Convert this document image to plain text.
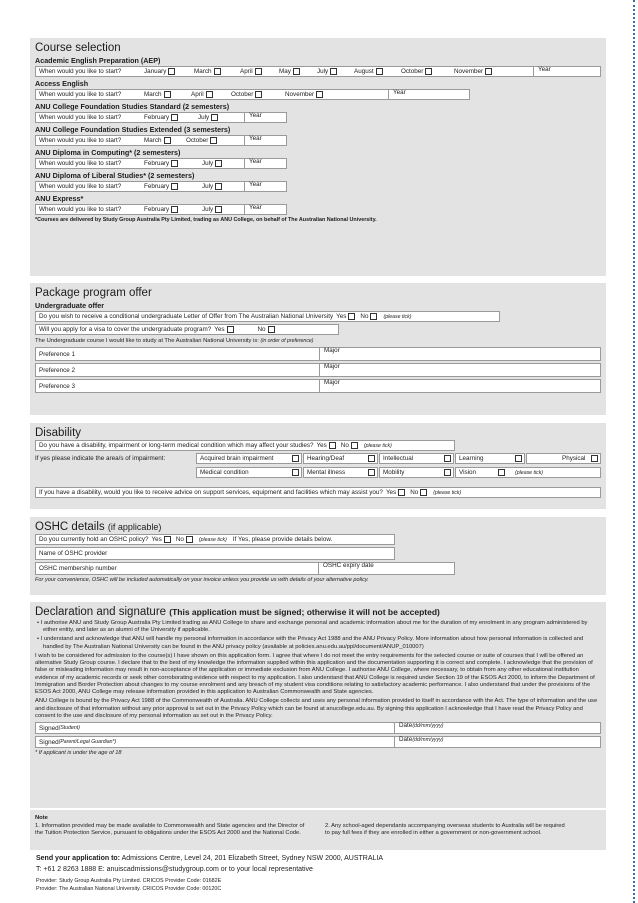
Course selection
Academic English Preparation (AEP)
When would you like to start?	January	March	April	May	July	August	October	November	Year
Access English
When would you like to start?	March	April	October	November	Year
ANU College Foundation Studies Standard (2 semesters)
When would you like to start?	February	July	Year
ANU College Foundation Studies Extended (3 semesters)
When would you like to start?	March	October	Year
ANU Diploma in Computing* (2 semesters)
When would you like to start?	February	July	Year
ANU Diploma of Liberal Studies* (2 semesters)
When would you like to start?	February	July	Year
ANU Express*
When would you like to start?	February	July	Year
*Courses are delivered by Study Group Australia Pty Limited, trading as ANU College, on behalf of The Australian National University.
Package program offer
Undergraduate offer
Do you wish to receive a conditional undergraduate Letter of Offer from The Australian National University Yes No	(please tick)
Will you apply for a visa to cover the undergraduate program? Yes	No
The Undergraduate course I would like to study at The Australian National University is: (in order of preference)
Preference 1	Major
Preference 2	Major
Preference 3	Major
Disability
Do you have a disability, impairment or long-term medical condition which may affect your studies? Yes No	(please tick)
If yes please indicate the area/s of impairment:	Acquired brain impairment	Hearing/Deaf	Intellectual	Learning	Physical
Medical condition	Mental illness	Mobility	Vision	(please tick)
If you have a disability, would you like to receive advice on support services, equipment and facilities which may assist you? Yes No	(please tick)
OSHC details (if applicable)
Do you currently hold an OSHC policy? Yes No	(please tick) If Yes, please provide details below.
Name of OSHC provider
OSHC membership number	OSHC expiry date
For your convenience, OSHC will be included automatically on your invoice unless you provide us with details of your alternative policy.
Declaration and signature (This application must be signed; otherwise it will not be accepted)
• I authorise ANU and Study Group Australia Pty Limited trading as ANU College to share and exchange personal and academic information about me for the duration of my enrolment in any program administered by either entity, and later as an alumni of the University if applicable.
• I understand and acknowledge that ANU will handle my personal information in accordance with the Privacy Act 1988 and the ANU Privacy Policy. More information about how personal information is collected and handled by The Australian National University can be found in the ANU privacy policy (available at policies.anu.edu.au/ppl/document/ANUP_010007)
I wish to be considered for admission to the course(s) I have shown on this application form. I agree that where I do not meet the entry requirements for the selected course or suite of courses that I will be offered an alternative Study Group course. I declare that to the best of my knowledge the information supplied within this application and the documentation supporting it is correct and complete. I acknowledge that the provision of false or misleading information may result in non-acceptance of the application or immediate exclusion from ANU College. I authorise ANU College, where necessary, to obtain from any other educational institution evidence of my academic records or seek other corroborating evidence with respect to my application. I also understand that ANU College is required under Section 19 of the ESOS Act 2000, to inform the Department of Immigration and Border Protection about changes to my course enrolment and any breach of my student visa conditions relating to satisfactory academic performance. I also understand that under the provisions of the ESOS Act 2000, ANU College may release information provided in this application to Australian Commonwealth and State agencies.
ANU College is bound by the Privacy Act 1988 of the Commonwealth of Australia. ANU College collects and uses any personal information provided to itself in accordance with the Act. The type of information and the use and disclosure of that information without any prior approval is set out in the Privacy Policy which can be found at anucollege.edu.au. By signing this application I acknowledge that I have read the Privacy Policy and consent to the use and disclosure of my personal information as set out in the Privacy Policy.
Signed (Student)	Date(dd/mm/yyyy)
Signed (Parent/Legal Guardian*)	Date(dd/mm/yyyy)
* If applicant is under the age of 18
Note
1. Information provided may be made available to Commonwealth and State agencies and the Director of the Tuition Protection Service, pursuant to obligations under the ESOS Act 2000 and the National Code.
2. Any school-aged dependants accompanying overseas students to Australia will be required to pay full fees if they are enrolled in either a government or non-government school.
Send your application to: Admissions Centre, Level 24, 201 Elizabeth Street, Sydney NSW 2000, AUSTRALIA
T: +61 2 8263 1888 E: anuiscadmissions@studygroup.com or to your local representative
Provider: Study Group Australia Pty Limited. CRICOS Provider Code: 01682E
Provider: The Australian National University. CRICOS Provider Code: 00120C
